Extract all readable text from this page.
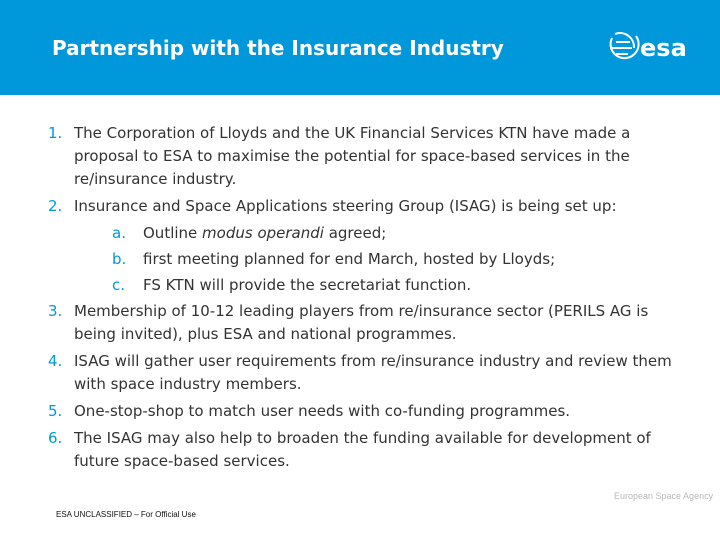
Partnership with the Insurance Industry	esa
1. The Corporation of Lloyds and the UK Financial Services KTN have made a proposal to ESA to maximise the potential for space-based services in the re/insurance industry.
2. Insurance and Space Applications steering Group (ISAG) is being set up:
a. Outline modus operandi agreed;
b. first meeting planned for end March, hosted by Lloyds;
c. FS KTN will provide the secretariat function.
3. Membership of 10-12 leading players from re/insurance sector (PERILS AG is being invited), plus ESA and national programmes.
4. ISAG will gather user requirements from re/insurance industry and review them with space industry members.
5. One-stop-shop to match user needs with co-funding programmes.
6. The ISAG may also help to broaden the funding available for development of future space-based services.
European Space Agency
ESA UNCLASSIFIED – For Official Use
